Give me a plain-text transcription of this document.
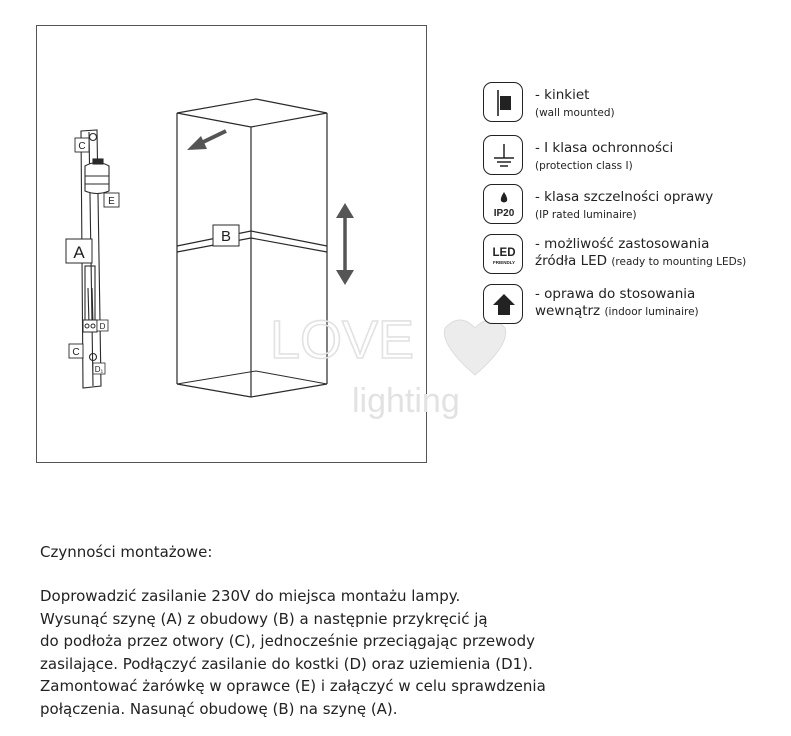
C
E
A
D
C
D₁
B
LOVE
lighting
- kinkiet
(wall mounted)
- I klasa ochronności
(protection class I)
IP20
- klasa szczelności oprawy
(IP rated luminaire)
LED
FRIENDLY
- możliwość zastosowania
źródła LED (ready to mounting LEDs)
- oprawa do stosowania
wewnątrz (indoor luminaire)
Czynności montażowe:
Doprowadzić zasilanie 230V do miejsca montażu lampy.
Wysunąć szynę (A) z obudowy (B) a następnie przykręcić ją
do podłoża przez otwory (C), jednocześnie przeciągając przewody
zasilające. Podłączyć zasilanie do kostki (D) oraz uziemienia (D1).
Zamontować żarówkę w oprawce (E) i załączyć w celu sprawdzenia
połączenia. Nasunąć obudowę (B) na szynę (A).
